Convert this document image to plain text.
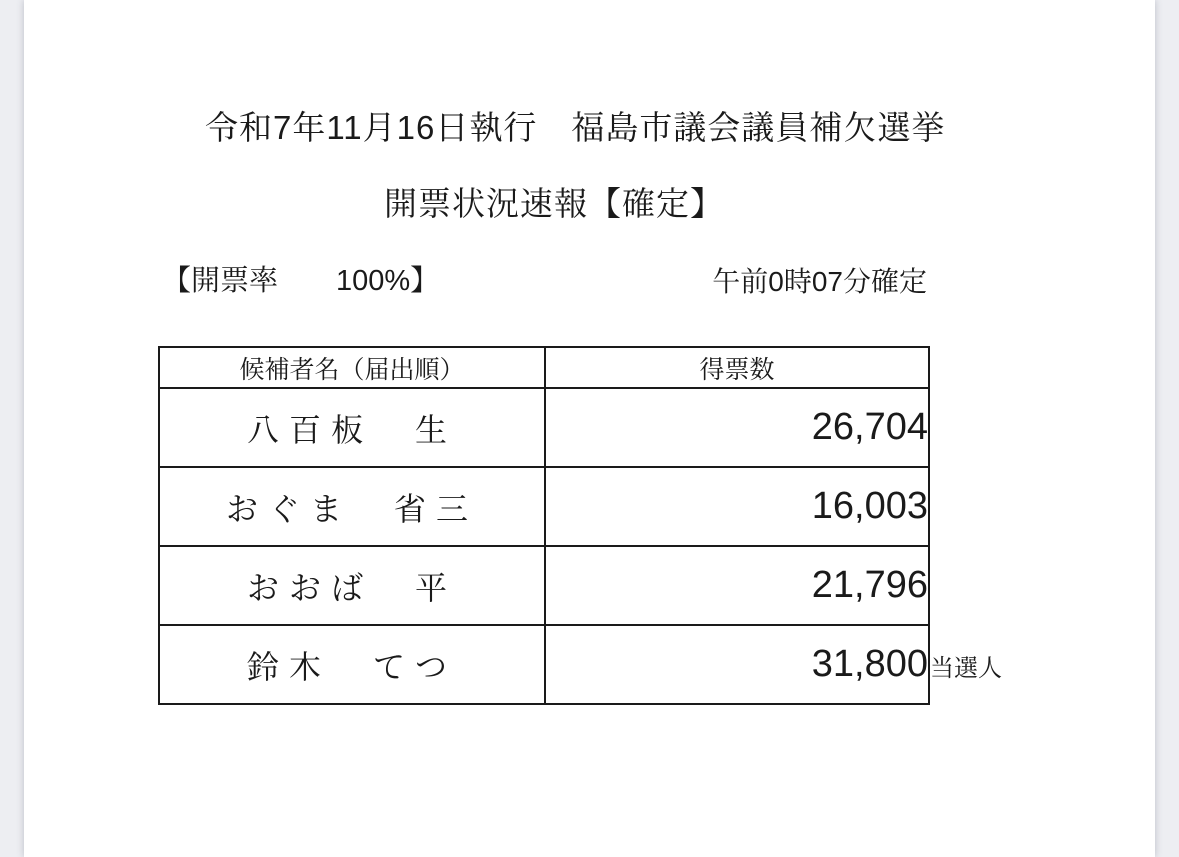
令和7年11月16日執行　福島市議会議員補欠選挙
開票状況速報【確定】
【開票率　　100%】	午前0時07分確定
候補者名（届出順）	得票数
八百板　生	26,704
おぐま　省三	16,003
おおば　平	21,796
鈴木　てつ	31,800 当選人
